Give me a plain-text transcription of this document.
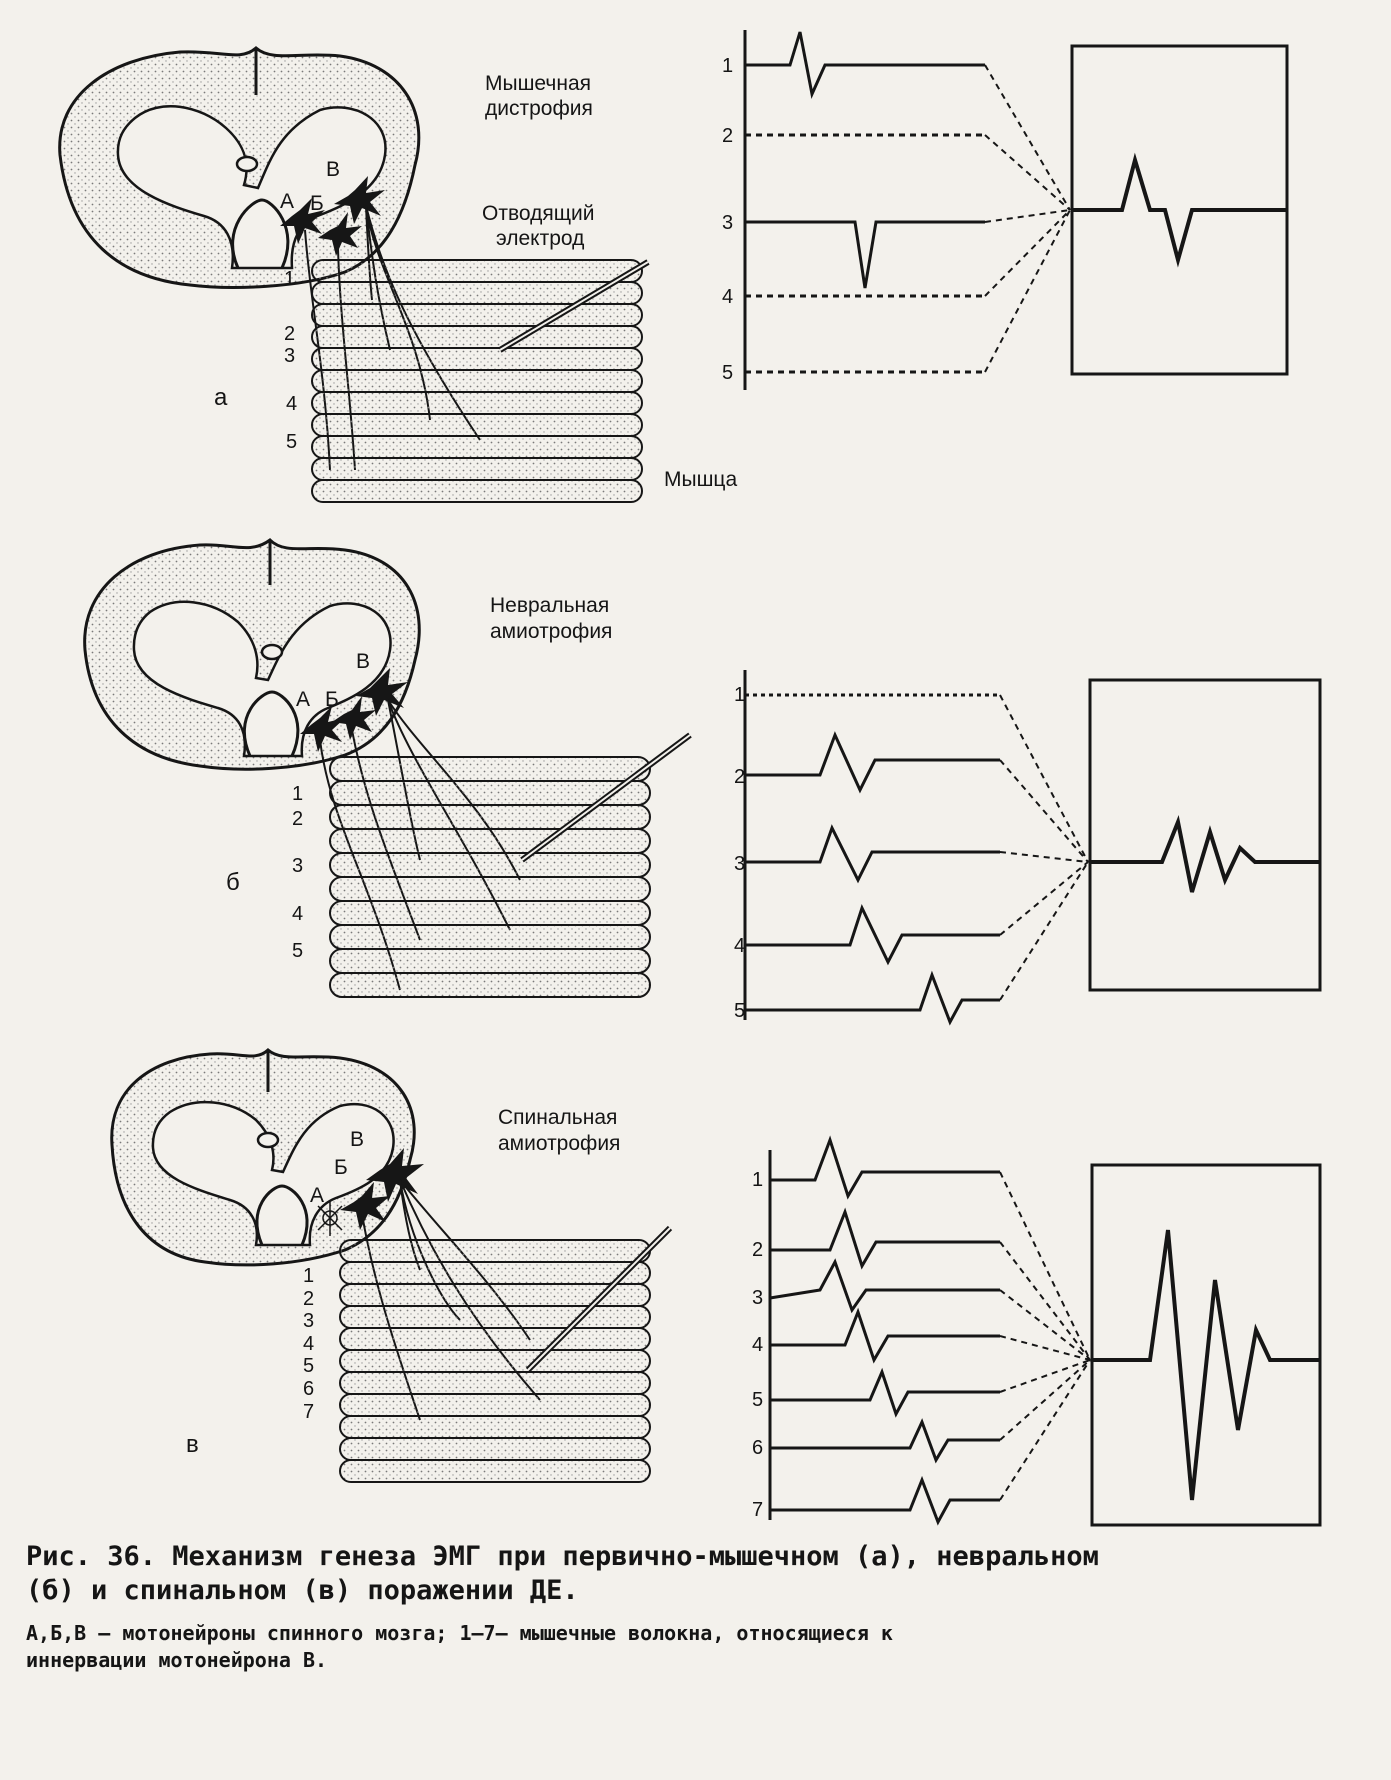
А Б
В
1
2
3
4
5
а
Мышечная
дистрофия
Отводящий
электрод
Мышца
1
2
3
4
5
А Б
В
1
2
3
4
5
б
Невральная
амиотрофия
1
2
3
4
5
А
Б
В
1
2
3
4
5
6
7
в
Спинальная
амиотрофия
1
2
3
4
5
6
7
Рис. 36. Механизм генеза ЭМГ при первично-мышечном (а), невральном
(б) и спинальном (в) поражении ДЕ.
А,Б,В — мотонейроны спинного мозга; 1—7— мышечные волокна, относящиеся к
иннервации мотонейрона В.
